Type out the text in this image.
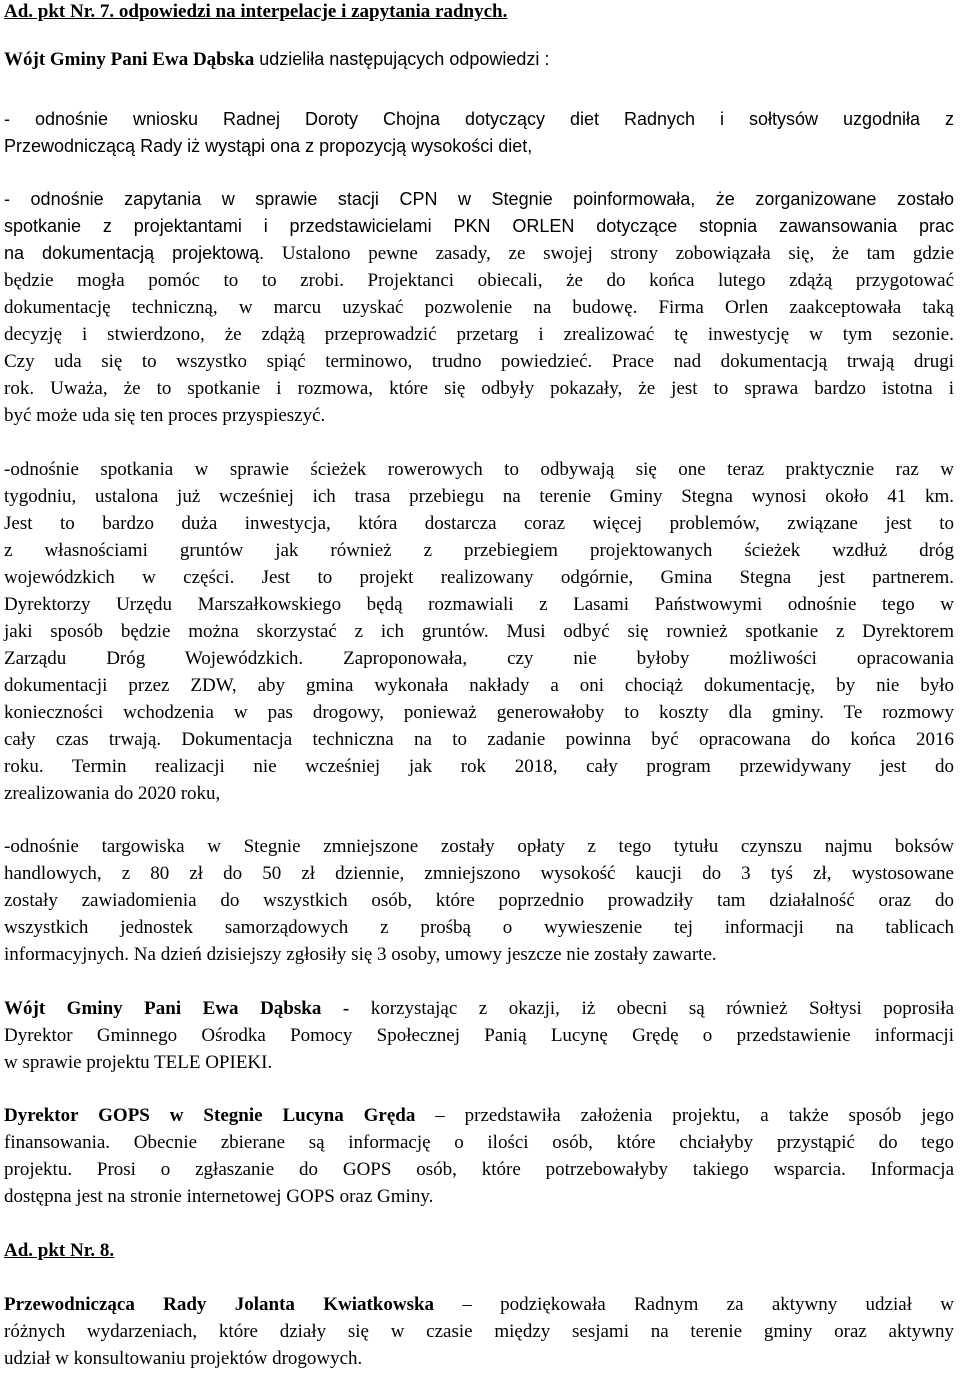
Ad. pkt Nr. 7. odpowiedzi na interpelacje i zapytania radnych.
Wójt Gminy Pani Ewa Dąbska udzieliła następujących odpowiedzi :
- odnośnie wniosku Radnej Doroty Chojna dotyczący diet Radnych i sołtysów uzgodniła z
Przewodniczącą Rady iż wystąpi ona z propozycją wysokości diet,
- odnośnie zapytania w sprawie stacji CPN w Stegnie poinformowała, że zorganizowane zostało
spotkanie z projektantami i przedstawicielami PKN ORLEN dotyczące stopnia zawansowania prac
na dokumentacją projektową. Ustalono pewne zasady, ze swojej strony zobowiązała się, że tam gdzie
będzie mogła pomóc to to zrobi. Projektanci obiecali, że do końca lutego zdążą przygotować
dokumentację techniczną, w marcu uzyskać pozwolenie na budowę. Firma Orlen zaakceptowała taką
decyzję i stwierdzono, że zdążą przeprowadzić przetarg i zrealizować tę inwestycję w tym sezonie.
Czy uda się to wszystko spiąć terminowo, trudno powiedzieć. Prace nad dokumentacją trwają drugi
rok. Uważa, że to spotkanie i rozmowa, które się odbyły pokazały, że jest to sprawa bardzo istotna i
być może uda się ten proces przyspieszyć.
-odnośnie spotkania w sprawie ścieżek rowerowych to odbywają się one teraz praktycznie raz w
tygodniu, ustalona już wcześniej ich trasa przebiegu na terenie Gminy Stegna wynosi około 41 km.
Jest to bardzo duża inwestycja, która dostarcza coraz więcej problemów, związane jest to
z własnościami gruntów jak również z przebiegiem projektowanych ścieżek wzdłuż dróg
wojewódzkich w części. Jest to projekt realizowany odgórnie, Gmina Stegna jest partnerem.
Dyrektorzy Urzędu Marszałkowskiego będą rozmawiali z Lasami Państwowymi odnośnie tego w
jaki sposób będzie można skorzystać z ich gruntów. Musi odbyć się rownież spotkanie z Dyrektorem
Zarządu Dróg Wojewódzkich. Zaproponowała, czy nie byłoby możliwości opracowania
dokumentacji przez ZDW, aby gmina wykonała nakłady a oni chociąż dokumentację, by nie było
konieczności wchodzenia w pas drogowy, ponieważ generowałoby to koszty dla gminy. Te rozmowy
cały czas trwają. Dokumentacja techniczna na to zadanie powinna być opracowana do końca 2016
roku. Termin realizacji nie wcześniej jak rok 2018, cały program przewidywany jest do
zrealizowania do 2020 roku,
-odnośnie targowiska w Stegnie zmniejszone zostały opłaty z tego tytułu czynszu najmu boksów
handlowych, z 80 zł do 50 zł dziennie, zmniejszono wysokość kaucji do 3 tyś zł, wystosowane
zostały zawiadomienia do wszystkich osób, które poprzednio prowadziły tam działalność oraz do
wszystkich jednostek samorządowych z prośbą o wywieszenie tej informacji na tablicach
informacyjnych. Na dzień dzisiejszy zgłosiły się 3 osoby, umowy jeszcze nie zostały zawarte.
Wójt Gminy Pani Ewa Dąbska - korzystając z okazji, iż obecni są również Sołtysi poprosiła
Dyrektor Gminnego Ośrodka Pomocy Społecznej Panią Lucynę Grędę o przedstawienie informacji
w sprawie projektu TELE OPIEKI.
Dyrektor GOPS w Stegnie Lucyna Gręda – przedstawiła założenia projektu, a także sposób jego
finansowania. Obecnie zbierane są informację o ilości osób, które chciałyby przystąpić do tego
projektu. Prosi o zgłaszanie do GOPS osób, które potrzebowałyby takiego wsparcia. Informacja
dostępna jest na stronie internetowej GOPS oraz Gminy.
Ad. pkt Nr. 8.
Przewodnicząca Rady Jolanta Kwiatkowska – podziękowała Radnym za aktywny udział w
różnych wydarzeniach, które działy się w czasie między sesjami na terenie gminy oraz aktywny
udział w konsultowaniu projektów drogowych.
